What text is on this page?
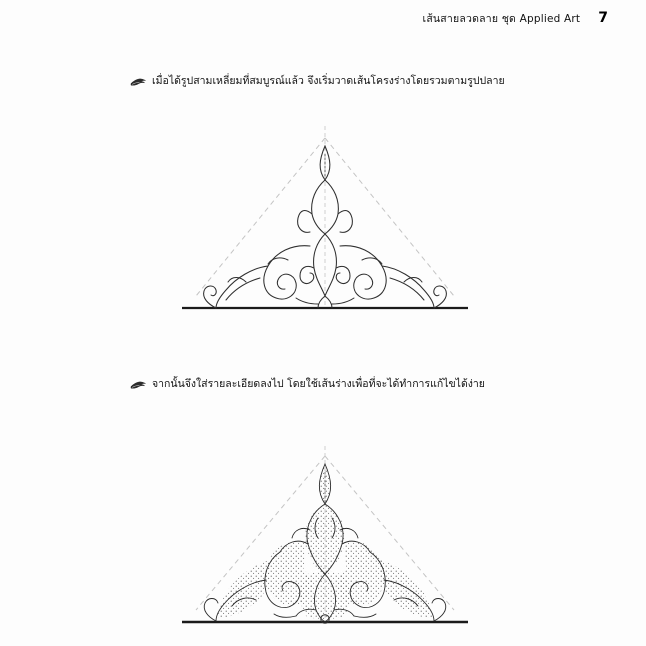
เส้นสายลวดลาย ชุด Applied Art 7
เมื่อได้รูปสามเหลี่ยมที่สมบูรณ์แล้ว จึงเริ่มวาดเส้นโครงร่างโดยรวมตามรูปปลาย
จากนั้นจึงใส่รายละเอียดลงไป โดยใช้เส้นร่างเพื่อที่จะได้ทำการแก้ไขได้ง่าย
